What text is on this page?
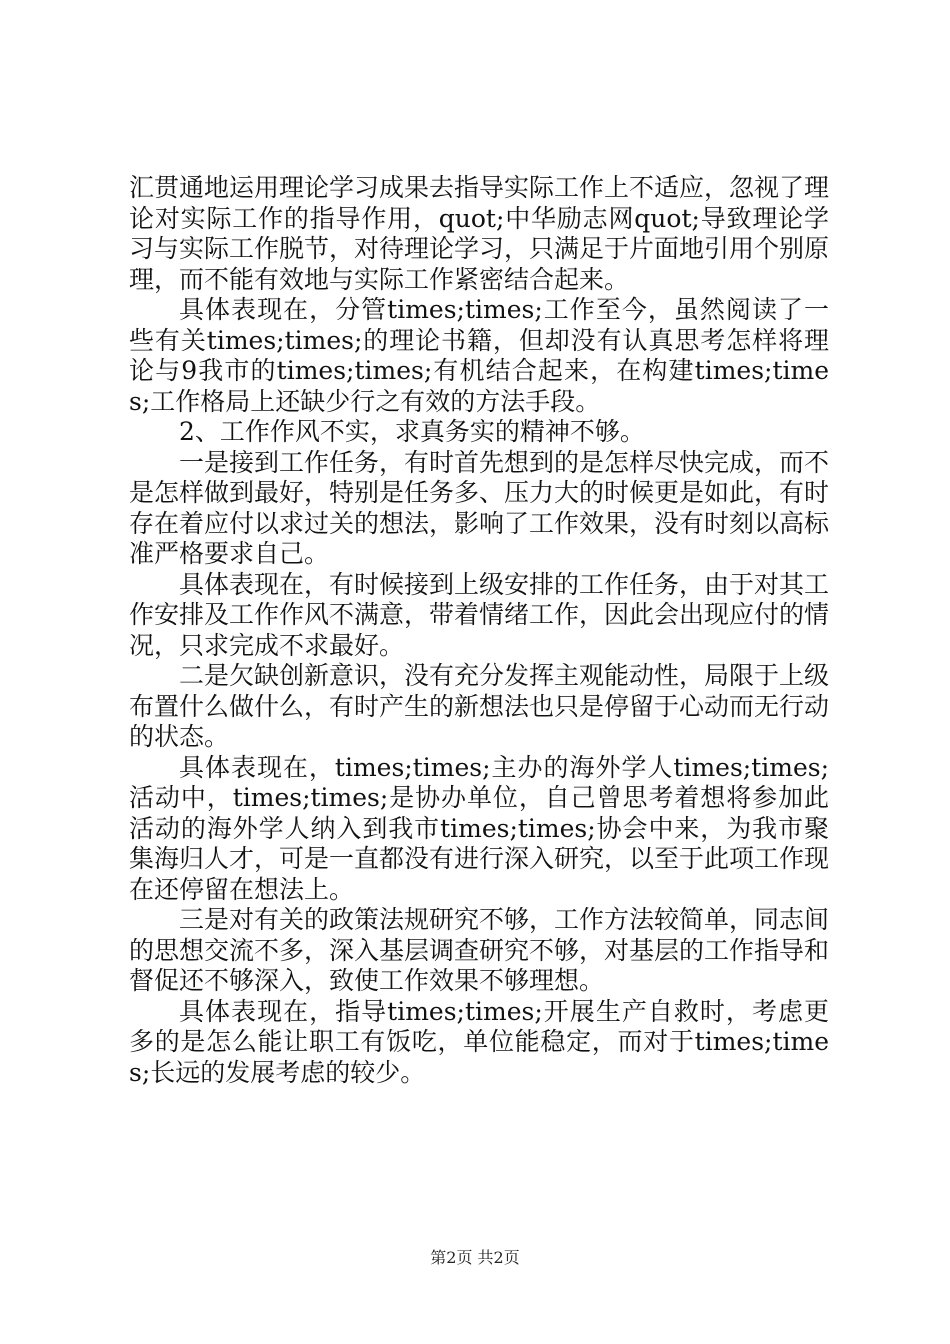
汇贯通地运用理论学习成果去指导实际工作上不适应，忽视了理论对实际工作的指导作用，quot;中华励志网quot;导致理论学习与实际工作脱节，对待理论学习，只满足于片面地引用个别原理，而不能有效地与实际工作紧密结合起来。

具体表现在，分管times;times;工作至今，虽然阅读了一些有关times;times;的理论书籍，但却没有认真思考怎样将理论与9我市的times;times;有机结合起来，在构建times;times;工作格局上还缺少行之有效的方法手段。

2、工作作风不实，求真务实的精神不够。

一是接到工作任务，有时首先想到的是怎样尽快完成，而不是怎样做到最好，特别是任务多、压力大的时候更是如此，有时存在着应付以求过关的想法，影响了工作效果，没有时刻以高标准严格要求自己。

具体表现在，有时候接到上级安排的工作任务，由于对其工作安排及工作作风不满意，带着情绪工作，因此会出现应付的情况，只求完成不求最好。

二是欠缺创新意识，没有充分发挥主观能动性，局限于上级布置什么做什么，有时产生的新想法也只是停留于心动而无行动的状态。

具体表现在，times;times;主办的海外学人times;times;活动中，times;times;是协办单位，自己曾思考着想将参加此活动的海外学人纳入到我市times;times;协会中来，为我市聚集海归人才，可是一直都没有进行深入研究，以至于此项工作现在还停留在想法上。

三是对有关的政策法规研究不够，工作方法较简单，同志间的思想交流不多，深入基层调查研究不够，对基层的工作指导和督促还不够深入，致使工作效果不够理想。

具体表现在，指导times;times;开展生产自救时，考虑更多的是怎么能让职工有饭吃，单位能稳定，而对于times;times;长远的发展考虑的较少。

第2页 共2页
